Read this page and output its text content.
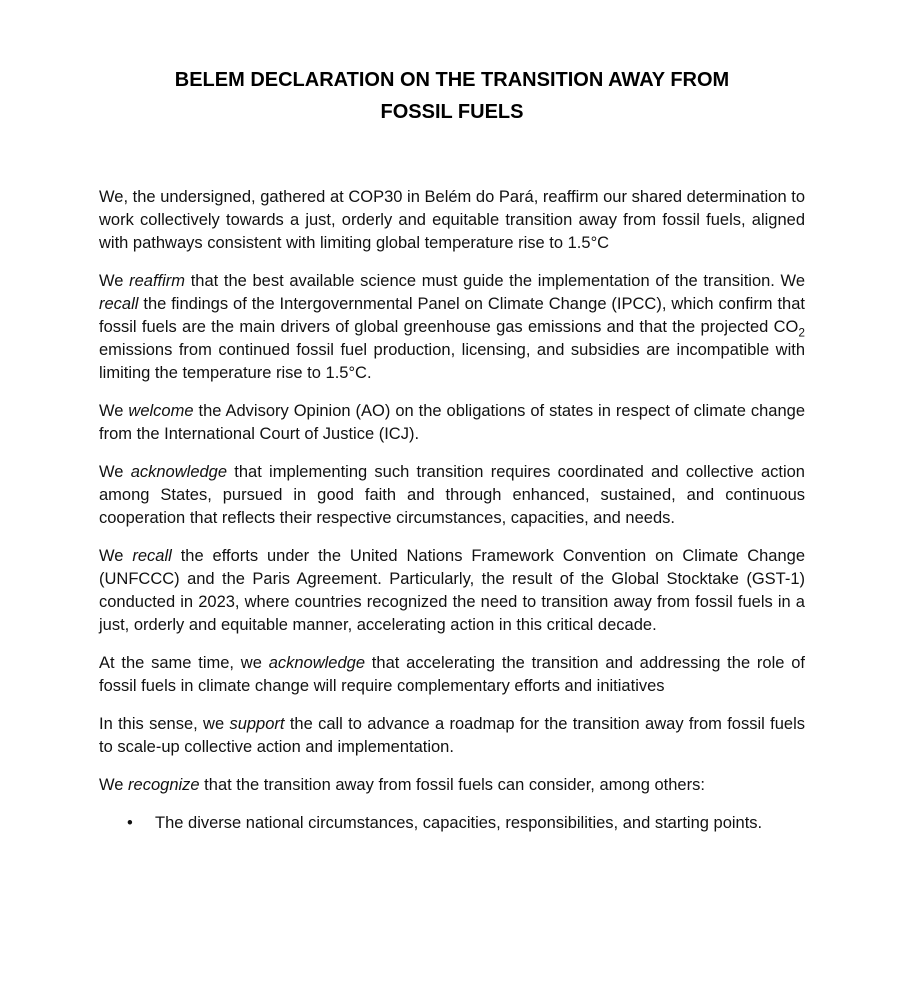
BELEM DECLARATION ON THE TRANSITION AWAY FROM
FOSSIL FUELS

We, the undersigned, gathered at COP30 in Belém do Pará, reaffirm our shared determination to work collectively towards a just, orderly and equitable transition away from fossil fuels, aligned with pathways consistent with limiting global temperature rise to 1.5°C

We reaffirm that the best available science must guide the implementation of the transition. We recall the findings of the Intergovernmental Panel on Climate Change (IPCC), which confirm that fossil fuels are the main drivers of global greenhouse gas emissions and that the projected $CO_2$ emissions from continued fossil fuel production, licensing, and subsidies are incompatible with limiting the temperature rise to 1.5°C.

We welcome the Advisory Opinion (AO) on the obligations of states in respect of climate change from the International Court of Justice (ICJ).

We acknowledge that implementing such transition requires coordinated and collective action among States, pursued in good faith and through enhanced, sustained, and continuous cooperation that reflects their respective circumstances, capacities, and needs.

We recall the efforts under the United Nations Framework Convention on Climate Change (UNFCCC) and the Paris Agreement. Particularly, the result of the Global Stocktake (GST-1) conducted in 2023, where countries recognized the need to transition away from fossil fuels in a just, orderly and equitable manner, accelerating action in this critical decade.

At the same time, we acknowledge that accelerating the transition and addressing the role of fossil fuels in climate change will require complementary efforts and initiatives

In this sense, we support the call to advance a roadmap for the transition away from fossil fuels to scale-up collective action and implementation.

We recognize that the transition away from fossil fuels can consider, among others:

•	The diverse national circumstances, capacities, responsibilities, and starting points.
